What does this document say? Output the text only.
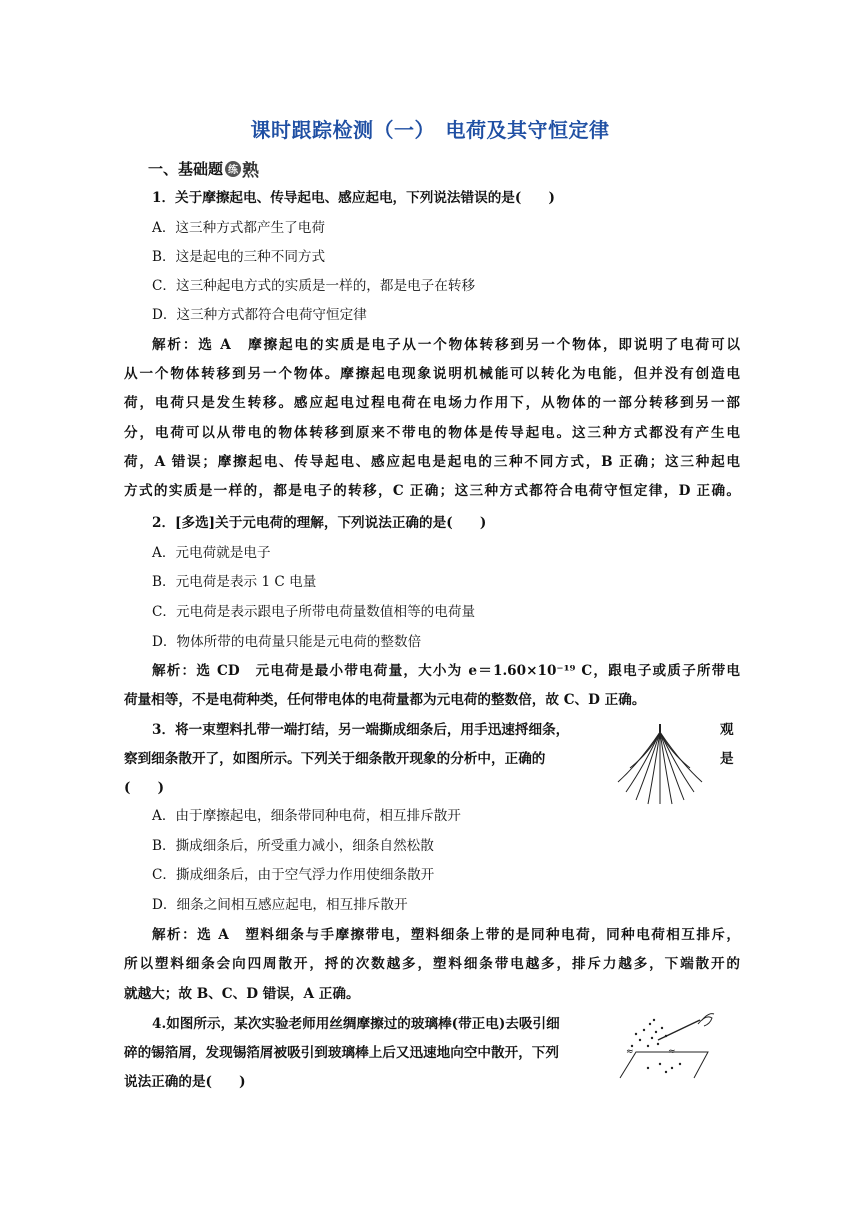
课时跟踪检测（一）　电荷及其守恒定律
一、基础题 练 熟
1．关于摩擦起电、传导起电、感应起电，下列说法错误的是(　　)
A．这三种方式都产生了电荷
B．这是起电的三种不同方式
C．这三种起电方式的实质是一样的，都是电子在转移
D．这三种方式都符合电荷守恒定律
解析：选 A　摩擦起电的实质是电子从一个物体转移到另一个物体，即说明了电荷可以
从一个物体转移到另一个物体。摩擦起电现象说明机械能可以转化为电能，但并没有创造电
荷，电荷只是发生转移。感应起电过程电荷在电场力作用下，从物体的一部分转移到另一部
分，电荷可以从带电的物体转移到原来不带电的物体是传导起电。这三种方式都没有产生电
荷，A 错误；摩擦起电、传导起电、感应起电是起电的三种不同方式，B 正确；这三种起电
方式的实质是一样的，都是电子的转移，C 正确；这三种方式都符合电荷守恒定律，D 正确。
2．[多选]关于元电荷的理解，下列说法正确的是(　　)
A．元电荷就是电子
B．元电荷是表示 1 C 电量
C．元电荷是表示跟电子所带电荷量数值相等的电荷量
D．物体所带的电荷量只能是元电荷的整数倍
解析：选 CD　元电荷是最小带电荷量，大小为 e＝1.60×10⁻¹⁹ C，跟电子或质子所带电
荷量相等，不是电荷种类，任何带电体的电荷量都为元电荷的整数倍，故 C、D 正确。
3．将一束塑料扎带一端打结，另一端撕成细条后，用手迅速捋细条，	观
察到细条散开了，如图所示。下列关于细条散开现象的分析中，正确的	是
(　　)
A．由于摩擦起电，细条带同种电荷，相互排斥散开
B．撕成细条后，所受重力减小，细条自然松散
C．撕成细条后，由于空气浮力作用使细条散开
D．细条之间相互感应起电，相互排斥散开
解析：选 A　塑料细条与手摩擦带电，塑料细条上带的是同种电荷，同种电荷相互排斥，
所以塑料细条会向四周散开，捋的次数越多，塑料细条带电越多，排斥力越多，下端散开的
就越大；故 B、C、D 错误，A 正确。
4.如图所示，某次实验老师用丝绸摩擦过的玻璃棒(带正电)去吸引细
碎的锡箔屑，发现锡箔屑被吸引到玻璃棒上后又迅速地向空中散开，下列
说法正确的是(　　)
≈	≈
